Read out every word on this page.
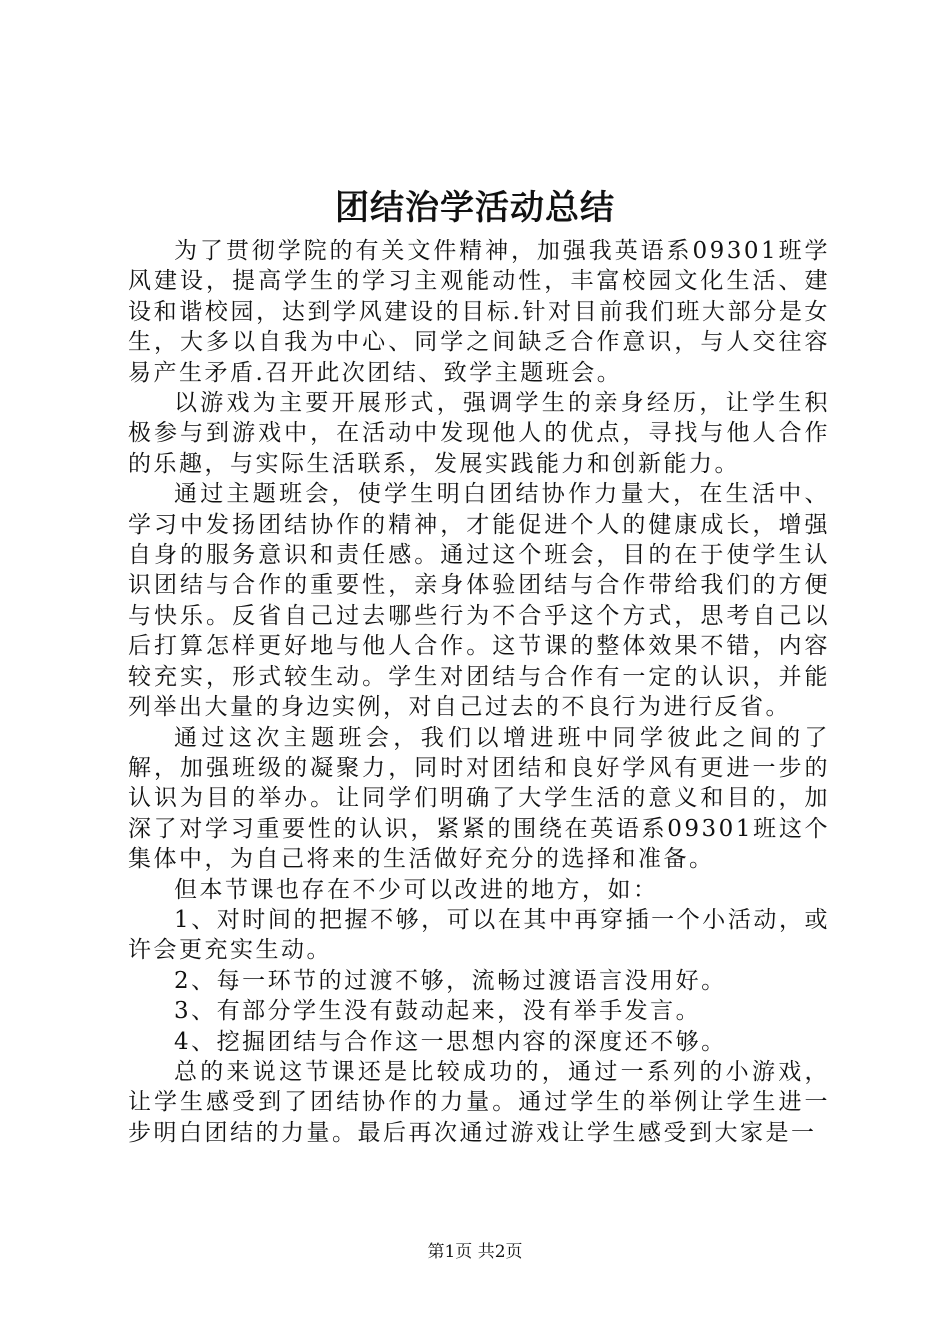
团结治学活动总结

为了贯彻学院的有关文件精神，加强我英语系09301班学风建设，提高学生的学习主观能动性，丰富校园文化生活、建设和谐校园，达到学风建设的目标.针对目前我们班大部分是女生，大多以自我为中心、同学之间缺乏合作意识，与人交往容易产生矛盾.召开此次团结、致学主题班会。

以游戏为主要开展形式，强调学生的亲身经历，让学生积极参与到游戏中，在活动中发现他人的优点，寻找与他人合作的乐趣，与实际生活联系，发展实践能力和创新能力。

通过主题班会，使学生明白团结协作力量大，在生活中、学习中发扬团结协作的精神，才能促进个人的健康成长，增强自身的服务意识和责任感。通过这个班会，目的在于使学生认识团结与合作的重要性，亲身体验团结与合作带给我们的方便与快乐。反省自己过去哪些行为不合乎这个方式，思考自己以后打算怎样更好地与他人合作。这节课的整体效果不错，内容较充实，形式较生动。学生对团结与合作有一定的认识，并能列举出大量的身边实例，对自己过去的不良行为进行反省。

通过这次主题班会，我们以增进班中同学彼此之间的了解，加强班级的凝聚力，同时对团结和良好学风有更进一步的认识为目的举办。让同学们明确了大学生活的意义和目的，加深了对学习重要性的认识，紧紧的围绕在英语系09301班这个集体中，为自己将来的生活做好充分的选择和准备。

但本节课也存在不少可以改进的地方，如：

1、对时间的把握不够，可以在其中再穿插一个小活动，或许会更充实生动。

2、每一环节的过渡不够，流畅过渡语言没用好。

3、有部分学生没有鼓动起来，没有举手发言。

4、挖掘团结与合作这一思想内容的深度还不够。

总的来说这节课还是比较成功的，通过一系列的小游戏，让学生感受到了团结协作的力量。通过学生的举例让学生进一步明白团结的力量。最后再次通过游戏让学生感受到大家是一

第1页 共2页
